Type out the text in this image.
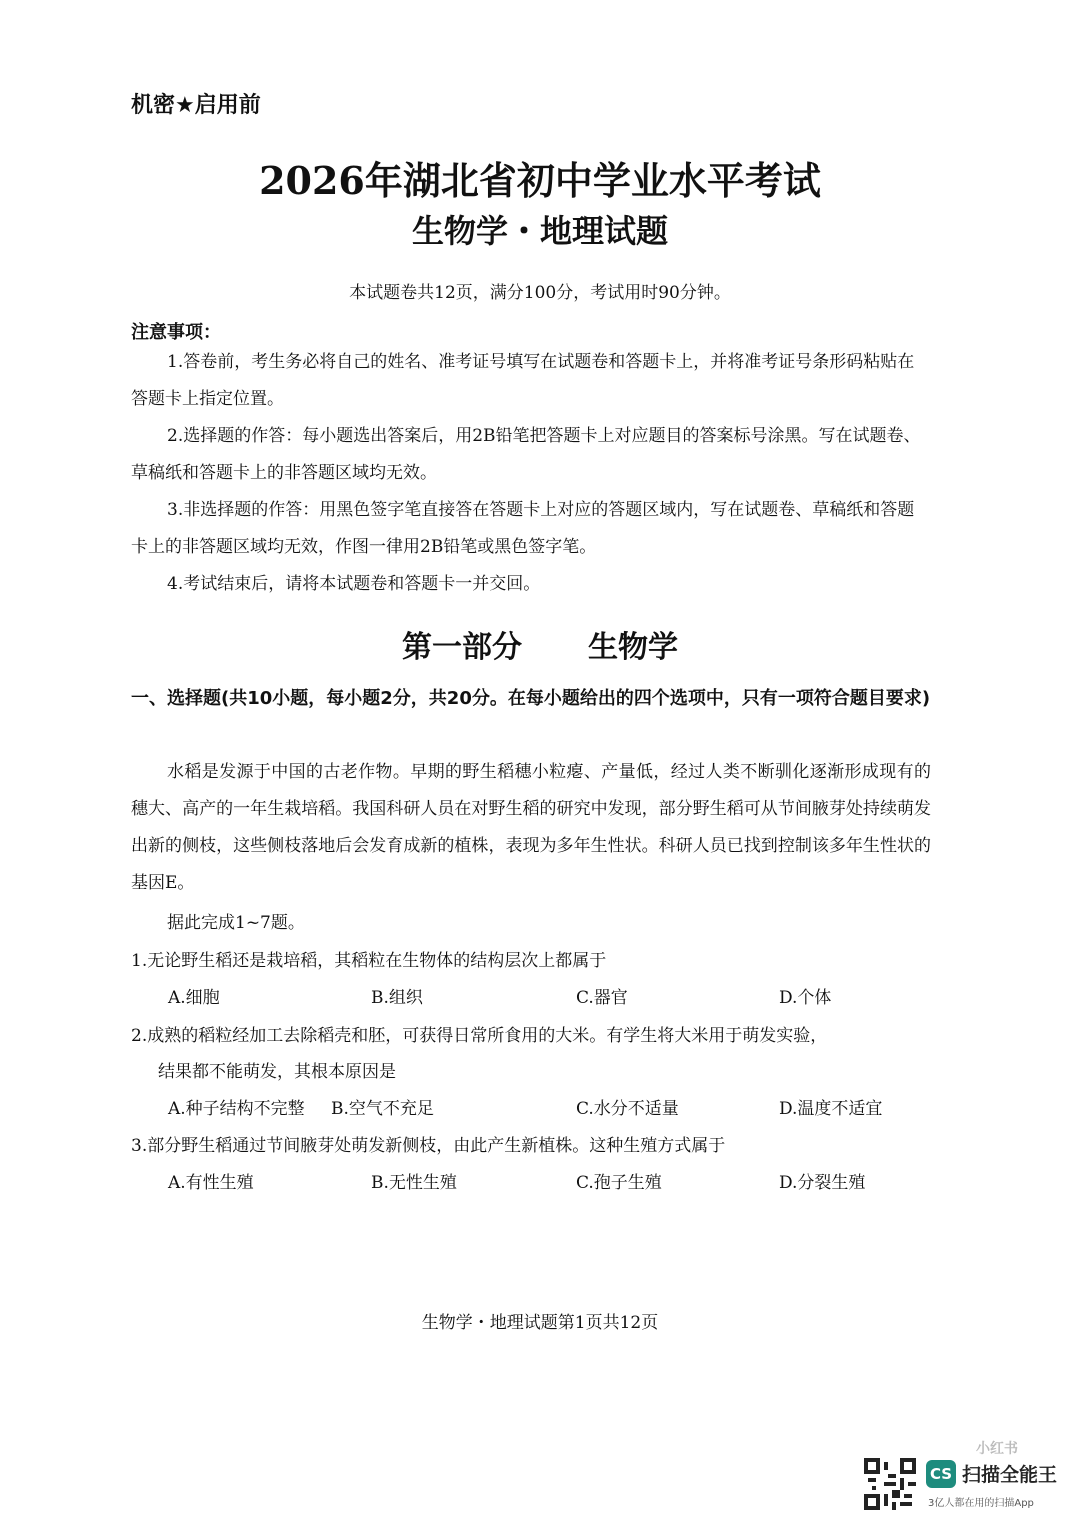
机密★启用前
2026年湖北省初中学业水平考试
生物学・地理试题
本试题卷共12页，满分100分，考试用时90分钟。
注意事项：

1.答卷前，考生务必将自己的姓名、准考证号填写在试题卷和答题卡上，并将准考证号条形码粘贴在答题卡上指定位置。

2.选择题的作答：每小题选出答案后，用2B铅笔把答题卡上对应题目的答案标号涂黑。写在试题卷、草稿纸和答题卡上的非答题区域均无效。

3.非选择题的作答：用黑色签字笔直接答在答题卡上对应的答题区域内，写在试题卷、草稿纸和答题卡上的非答题区域均无效，作图一律用2B铅笔或黑色签字笔。

4.考试结束后，请将本试题卷和答题卡一并交回。

第一部分 生物学
一、选择题(共10小题，每小题2分，共20分。在每小题给出的四个选项中，只有一项符合题目要求)
水稻是发源于中国的古老作物。早期的野生稻穗小粒瘪、产量低，经过人类不断驯化逐渐形成现有的穗大、高产的一年生栽培稻。我国科研人员在对野生稻的研究中发现，部分野生稻可从节间腋芽处持续萌发出新的侧枝，这些侧枝落地后会发育成新的植株，表现为多年生性状。科研人员已找到控制该多年生性状的基因E。
据此完成1~7题。
1.无论野生稻还是栽培稻，其稻粒在生物体的结构层次上都属于
A.细胞	B.组织	C.器官	D.个体
2.成熟的稻粒经加工去除稻壳和胚，可获得日常所食用的大米。有学生将大米用于萌发实验，
结果都不能萌发，其根本原因是
A.种子结构不完整 B.空气不充足	C.水分不适量	D.温度不适宜
3.部分野生稻通过节间腋芽处萌发新侧枝，由此产生新植株。这种生殖方式属于
A.有性生殖	B.无性生殖	C.孢子生殖	D.分裂生殖
生物学・地理试题第1页共12页
小红书
CS 扫描全能王
3亿人都在用的扫描App
